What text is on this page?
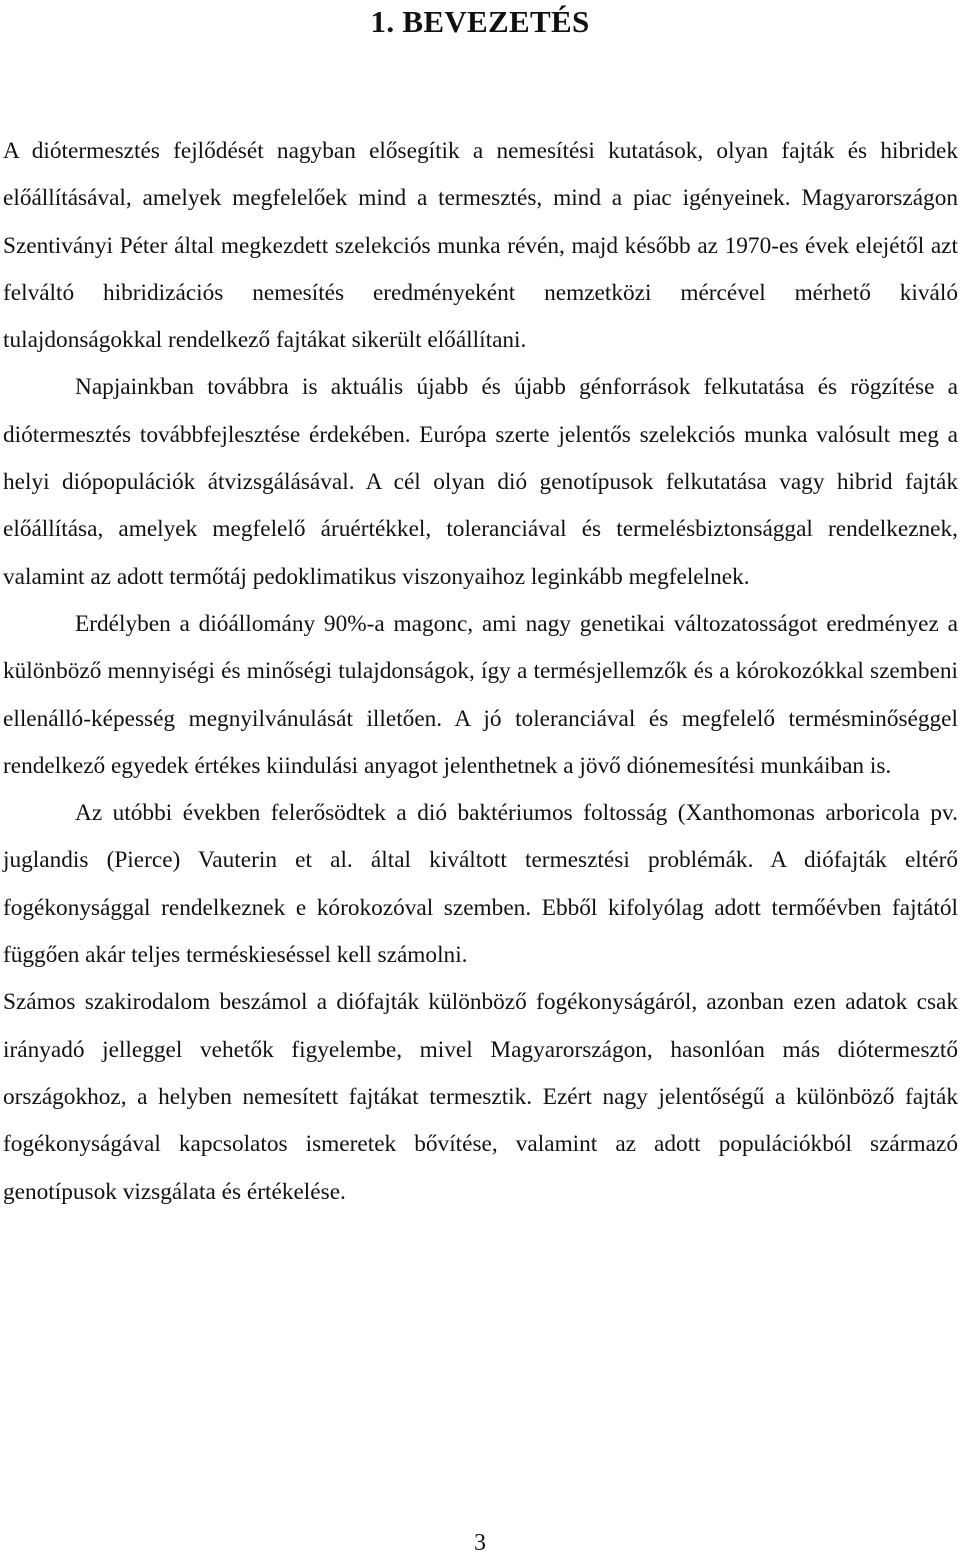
1. BEVEZETÉS

A diótermesztés fejlődését nagyban elősegítik a nemesítési kutatások, olyan fajták és hibridek előállításával, amelyek megfelelőek mind a termesztés, mind a piac igényeinek. Magyarországon Szentiványi Péter által megkezdett szelekciós munka révén, majd később az 1970-es évek elejétől azt felváltó hibridizációs nemesítés eredményeként nemzetközi mércével mérhető kiváló tulajdonságokkal rendelkező fajtákat sikerült előállítani.

Napjainkban továbbra is aktuális újabb és újabb génforrások felkutatása és rögzítése a diótermesztés továbbfejlesztése érdekében. Európa szerte jelentős szelekciós munka valósult meg a helyi diópopulációk átvizsgálásával. A cél olyan dió genotípusok felkutatása vagy hibrid fajták előállítása, amelyek megfelelő áruértékkel, toleranciával és termelésbiztonsággal rendelkeznek, valamint az adott termőtáj pedoklimatikus viszonyaihoz leginkább megfelelnek.

Erdélyben a dióállomány 90%-a magonc, ami nagy genetikai változatosságot eredményez a különböző mennyiségi és minőségi tulajdonságok, így a termésjellemzők és a kórokozókkal szembeni ellenálló-képesség megnyilvánulását illetően. A jó toleranciával és megfelelő termésminőséggel rendelkező egyedek értékes kiindulási anyagot jelenthetnek a jövő diónemesítési munkáiban is.

Az utóbbi években felerősödtek a dió baktériumos foltosság (Xanthomonas arboricola pv. juglandis (Pierce) Vauterin et al. által kiváltott termesztési problémák. A diófajták eltérő fogékonysággal rendelkeznek e kórokozóval szemben. Ebből kifolyólag adott termőévben fajtától függően akár teljes terméskieséssel kell számolni.

Számos szakirodalom beszámol a diófajták különböző fogékonyságáról, azonban ezen adatok csak irányadó jelleggel vehetők figyelembe, mivel Magyarországon, hasonlóan más diótermesztő országokhoz, a helyben nemesített fajtákat termesztik. Ezért nagy jelentőségű a különböző fajták fogékonyságával kapcsolatos ismeretek bővítése, valamint az adott populációkból származó genotípusok vizsgálata és értékelése.

3
